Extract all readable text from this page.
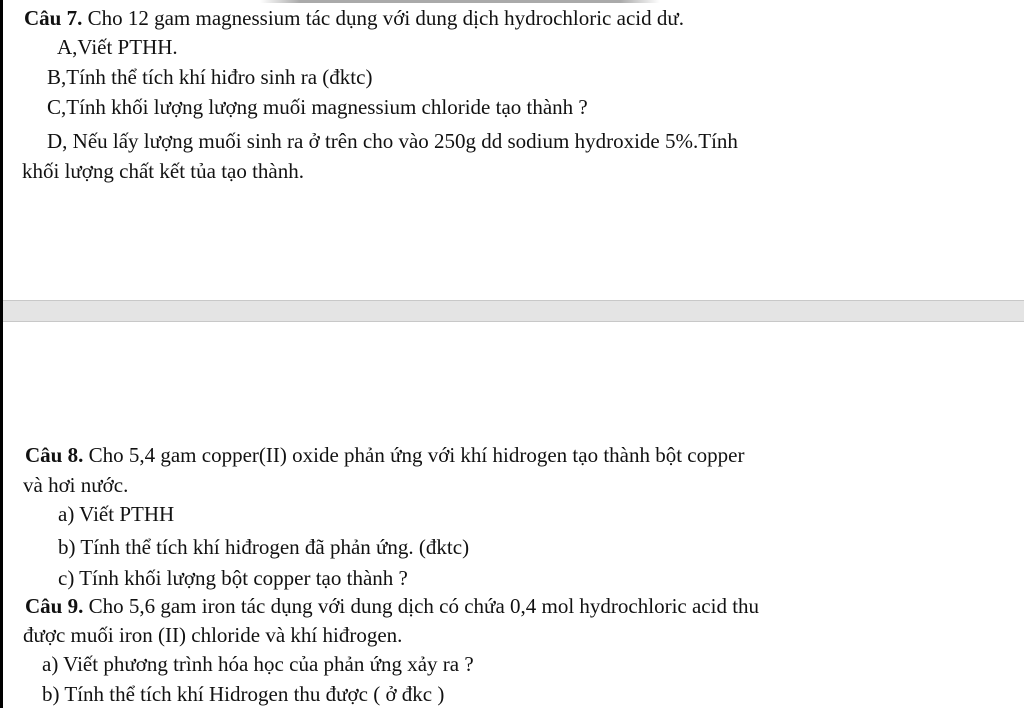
Câu 7. Cho 12 gam magnessium tác dụng với dung dịch hydrochloric acid dư.
A,Viết PTHH.
B,Tính thể tích khí hiđro sinh ra (đktc)
C,Tính khối lượng lượng muối magnessium chloride tạo thành ?
D, Nếu lấy lượng muối sinh ra ở trên cho vào 250g dd sodium hydroxide 5%.Tính
khối lượng chất kết tủa tạo thành.
Câu 8. Cho 5,4 gam copper(II) oxide phản ứng với khí hidrogen tạo thành bột copper
và hơi nước.
a) Viết PTHH
b) Tính thể tích khí hiđrogen đã phản ứng. (đktc)
c) Tính khối lượng bột copper tạo thành ?
Câu 9. Cho 5,6 gam iron tác dụng với dung dịch có chứa 0,4 mol hydrochloric acid thu
được muối iron (II) chloride và khí hiđrogen.
a) Viết phương trình hóa học của phản ứng xảy ra ?
b) Tính thể tích khí Hidrogen thu được ( ở đkc )
